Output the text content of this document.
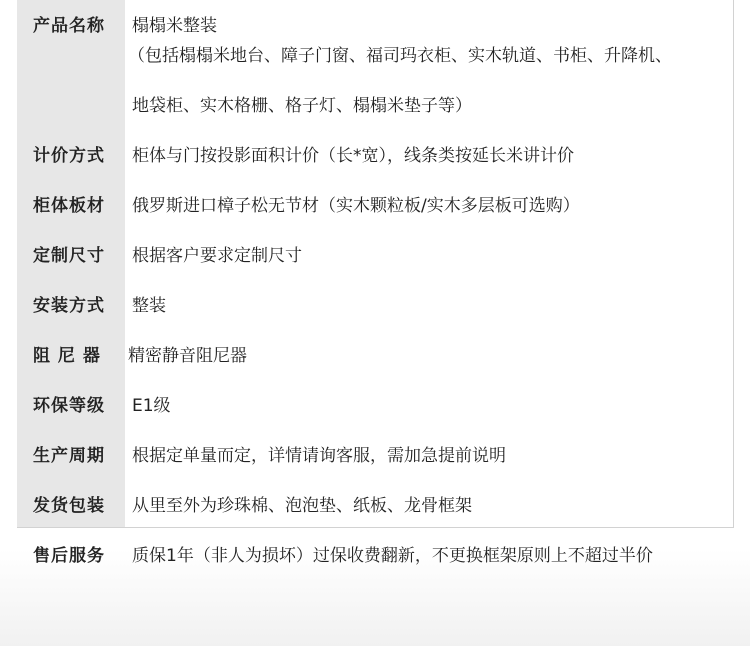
产品名称 榻榻米整装
（包括榻榻米地台、障子门窗、福司玛衣柜、实木轨道、书柜、升降机、
地袋柜、实木格栅、格子灯、榻榻米垫子等）
计价方式 柜体与门按投影面积计价（长*宽），线条类按延长米讲计价
柜体板材 俄罗斯进口樟子松无节材（实木颗粒板/实木多层板可选购）
定制尺寸 根据客户要求定制尺寸
安装方式 整装
阻 尼 器 精密静音阻尼器
环保等级 E1级
生产周期 根据定单量而定，详情请询客服，需加急提前说明
发货包装 从里至外为珍珠棉、泡泡垫、纸板、龙骨框架
售后服务 质保1年（非人为损坏）过保收费翻新，不更换框架原则上不超过半价
